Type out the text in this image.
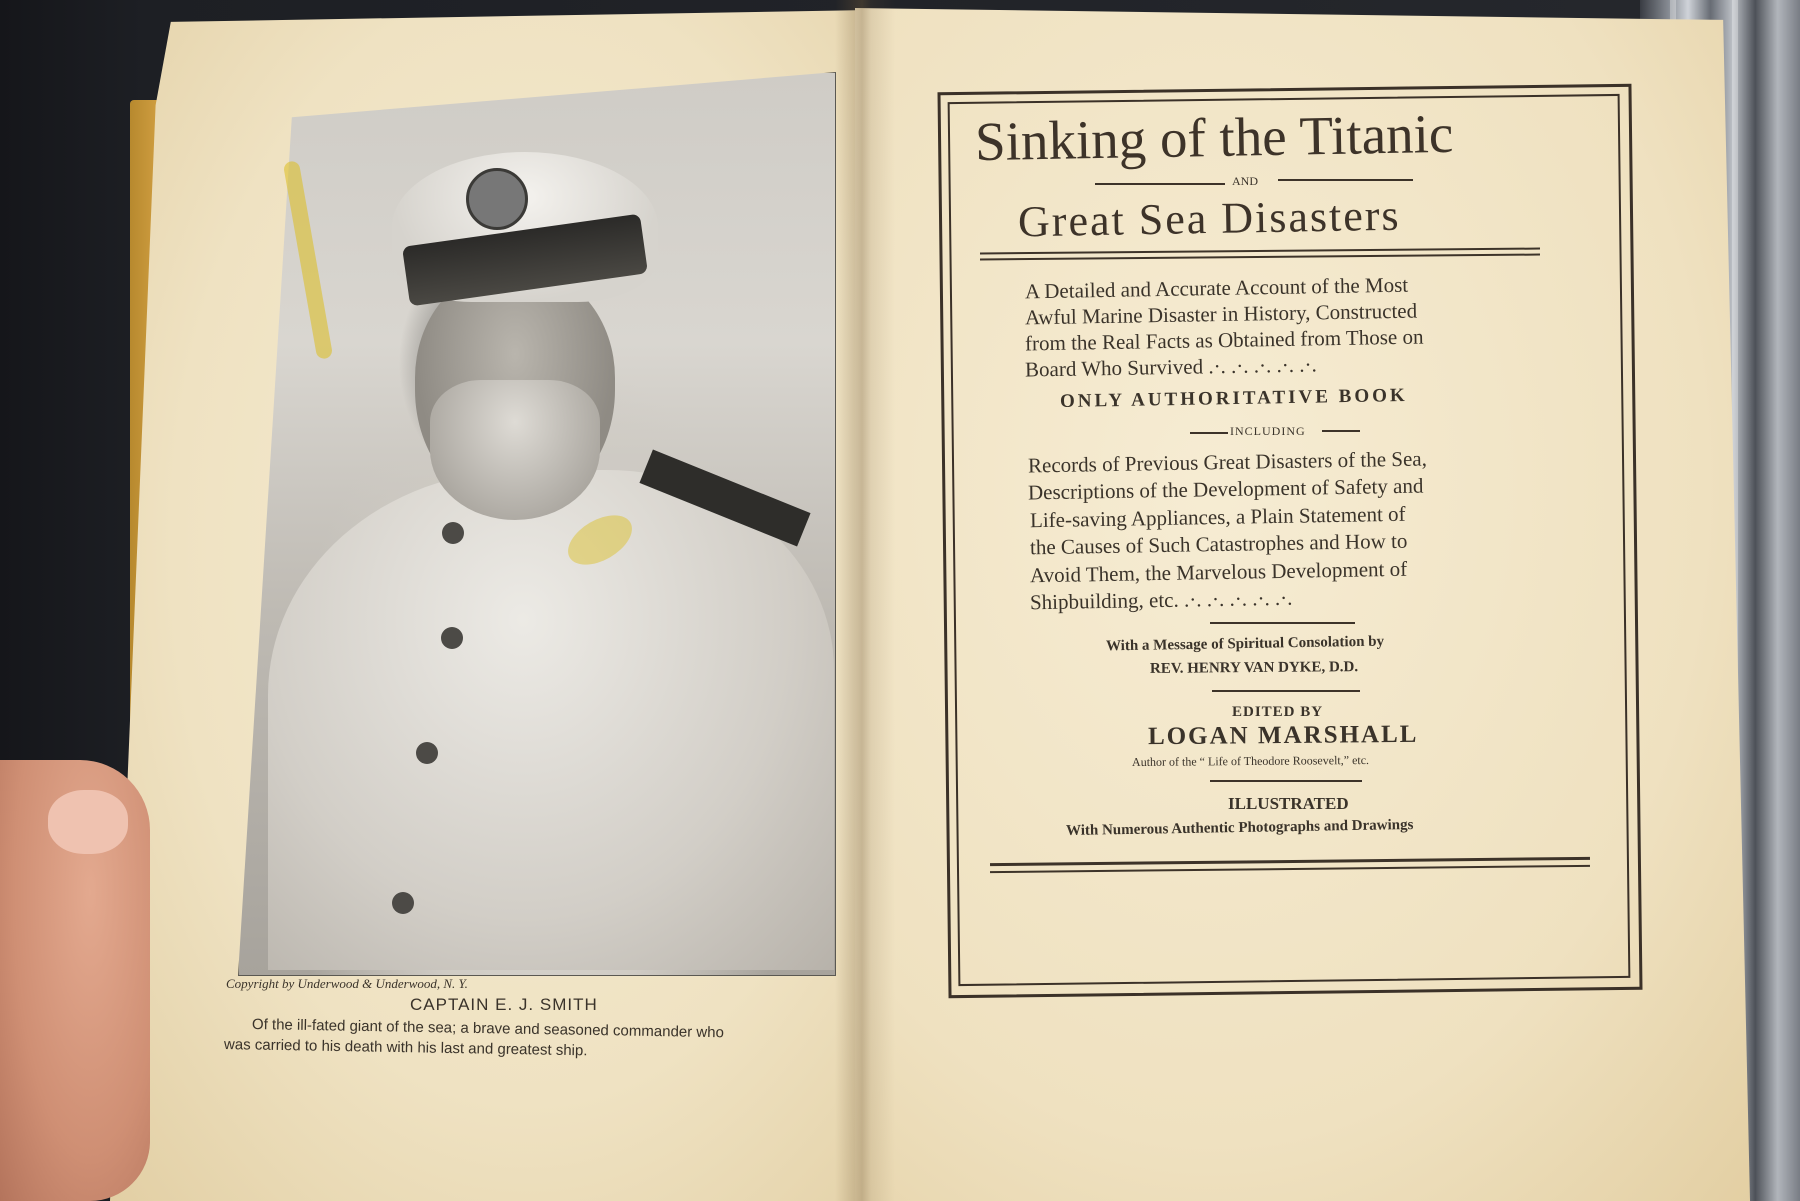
Copyright by Underwood & Underwood, N. Y.
CAPTAIN E. J. SMITH
Of the ill-fated giant of the sea; a brave and seasoned commander who
was carried to his death with his last and greatest ship.
Sinking of the Titanic
and
Great Sea Disasters
A Detailed and Accurate Account of the Most
Awful Marine Disaster in History, Constructed
from the Real Facts as Obtained from Those on
Board Who Survived .·. .·. .·. .·. .·.
ONLY AUTHORITATIVE BOOK
INCLUDING
Records of Previous Great Disasters of the Sea,
Descriptions of the Development of Safety and
Life-saving Appliances, a Plain Statement of
the Causes of Such Catastrophes and How to
Avoid Them, the Marvelous Development of
Shipbuilding, etc. .·. .·. .·. .·. .·.
With a Message of Spiritual Consolation by
REV. HENRY VAN DYKE, D.D.
EDITED BY
LOGAN MARSHALL
Author of the “ Life of Theodore Roosevelt,” etc.
ILLUSTRATED
With Numerous Authentic Photographs and Drawings
